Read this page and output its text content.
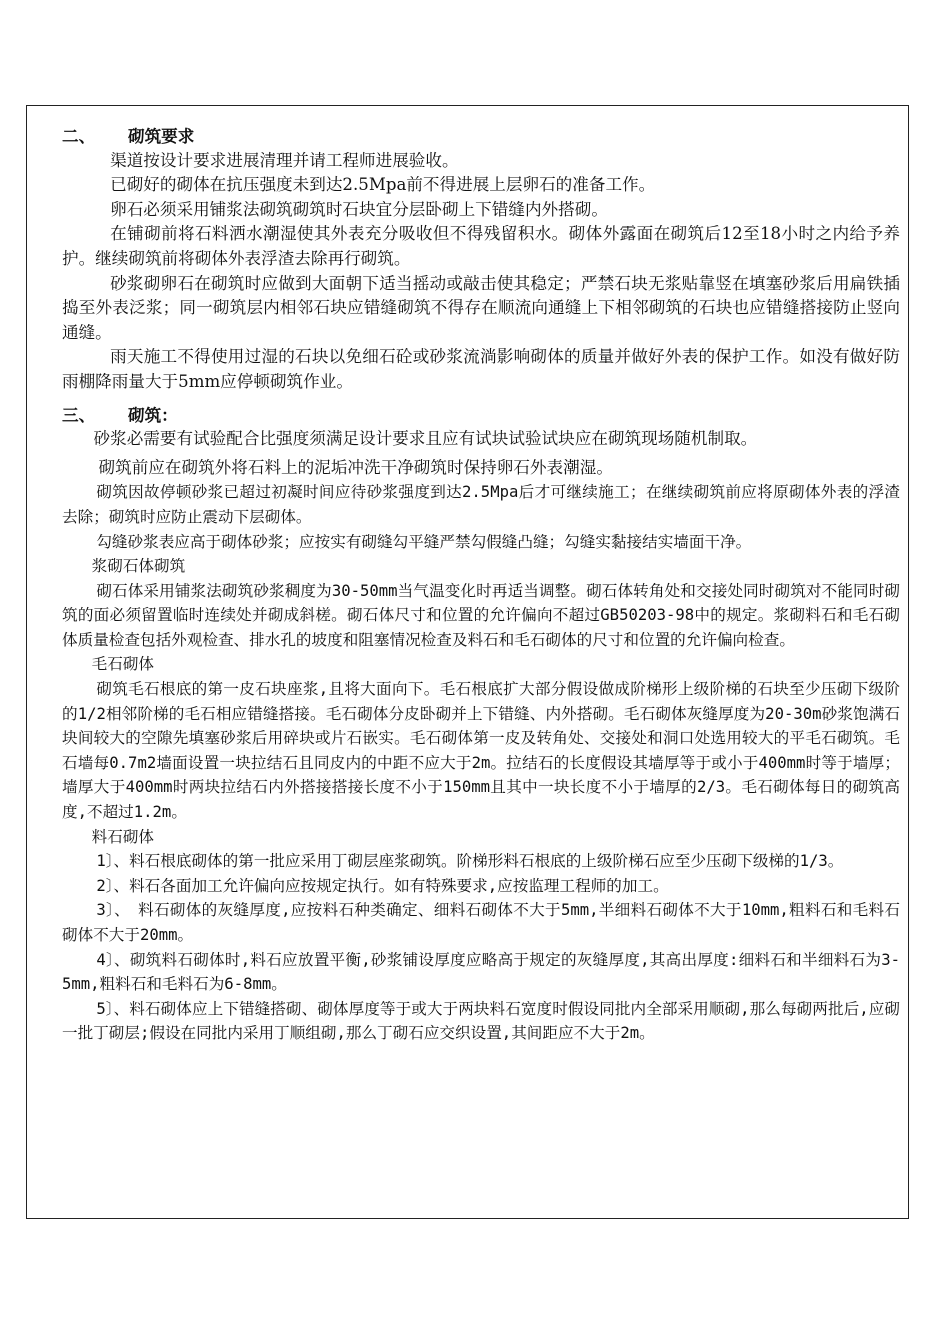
二、	砌筑要求

渠道按设计要求进展清理并请工程师进展验收。

已砌好的砌体在抗压强度未到达2.5Mpa前不得进展上层卵石的准备工作。

卵石必须采用铺浆法砌筑砌筑时石块宜分层卧砌上下错缝内外搭砌。

在铺砌前将石料洒水潮湿使其外表充分吸收但不得残留积水。砌体外露面在砌筑后12至18小时之内给予养护。继续砌筑前将砌体外表浮渣去除再行砌筑。

砂浆砌卵石在砌筑时应做到大面朝下适当摇动或敲击使其稳定；严禁石块无浆贴靠竖在填塞砂浆后用扁铁插捣至外表泛浆；同一砌筑层内相邻石块应错缝砌筑不得存在顺流向通缝上下相邻砌筑的石块也应错缝搭接防止竖向通缝。

雨天施工不得使用过湿的石块以免细石砼或砂浆流淌影响砌体的质量并做好外表的保护工作。如没有做好防雨棚降雨量大于5mm应停顿砌筑作业。

三、	砌筑：

砂浆必需要有试验配合比强度须满足设计要求且应有试块试验试块应在砌筑现场随机制取。

砌筑前应在砌筑外将石料上的泥垢冲洗干净砌筑时保持卵石外表潮湿。

砌筑因故停顿砂浆已超过初凝时间应待砂浆强度到达2.5Mpa后才可继续施工；在继续砌筑前应将原砌体外表的浮渣去除；砌筑时应防止震动下层砌体。

勾缝砂浆表应高于砌体砂浆；应按实有砌缝勾平缝严禁勾假缝凸缝；勾缝实黏接结实墙面干净。

浆砌石体砌筑

砌石体采用铺浆法砌筑砂浆稠度为30-50mm当气温变化时再适当调整。砌石体转角处和交接处同时砌筑对不能同时砌筑的面必须留置临时连续处并砌成斜槎。砌石体尺寸和位置的允许偏向不超过GB50203-98中的规定。浆砌料石和毛石砌体质量检查包括外观检查、排水孔的坡度和阻塞情况检查及料石和毛石砌体的尺寸和位置的允许偏向检查。

毛石砌体

砌筑毛石根底的第一皮石块座浆,且将大面向下。毛石根底扩大部分假设做成阶梯形上级阶梯的石块至少压砌下级阶的1/2相邻阶梯的毛石相应错缝搭接。毛石砌体分皮卧砌并上下错缝、内外搭砌。毛石砌体灰缝厚度为20-30m砂浆饱满石块间较大的空隙先填塞砂浆后用碎块或片石嵌实。毛石砌体第一皮及转角处、交接处和洞口处选用较大的平毛石砌筑。毛石墙每0.7m2墙面设置一块拉结石且同皮内的中距不应大于2m。拉结石的长度假设其墙厚等于或小于400mm时等于墙厚；墙厚大于400mm时两块拉结石内外搭接搭接长度不小于150mm且其中一块长度不小于墙厚的2/3。毛石砌体每日的砌筑高度,不超过1.2m。

料石砌体

1〕、料石根底砌体的第一批应采用丁砌层座浆砌筑。阶梯形料石根底的上级阶梯石应至少压砌下级梯的1/3。

2〕、料石各面加工允许偏向应按规定执行。如有特殊要求,应按监理工程师的加工。

3〕、　料石砌体的灰缝厚度,应按料石种类确定、细料石砌体不大于5mm,半细料石砌体不大于10mm,粗料石和毛料石砌体不大于20mm。

4〕、砌筑料石砌体时,料石应放置平衡,砂浆铺设厚度应略高于规定的灰缝厚度,其高出厚度:细料石和半细料石为3-5mm,粗料石和毛料石为6-8mm。

5〕、料石砌体应上下错缝搭砌、砌体厚度等于或大于两块料石宽度时假设同批内全部采用顺砌,那么每砌两批后,应砌一批丁砌层;假设在同批内采用丁顺组砌,那么丁砌石应交织设置,其间距应不大于2m。
